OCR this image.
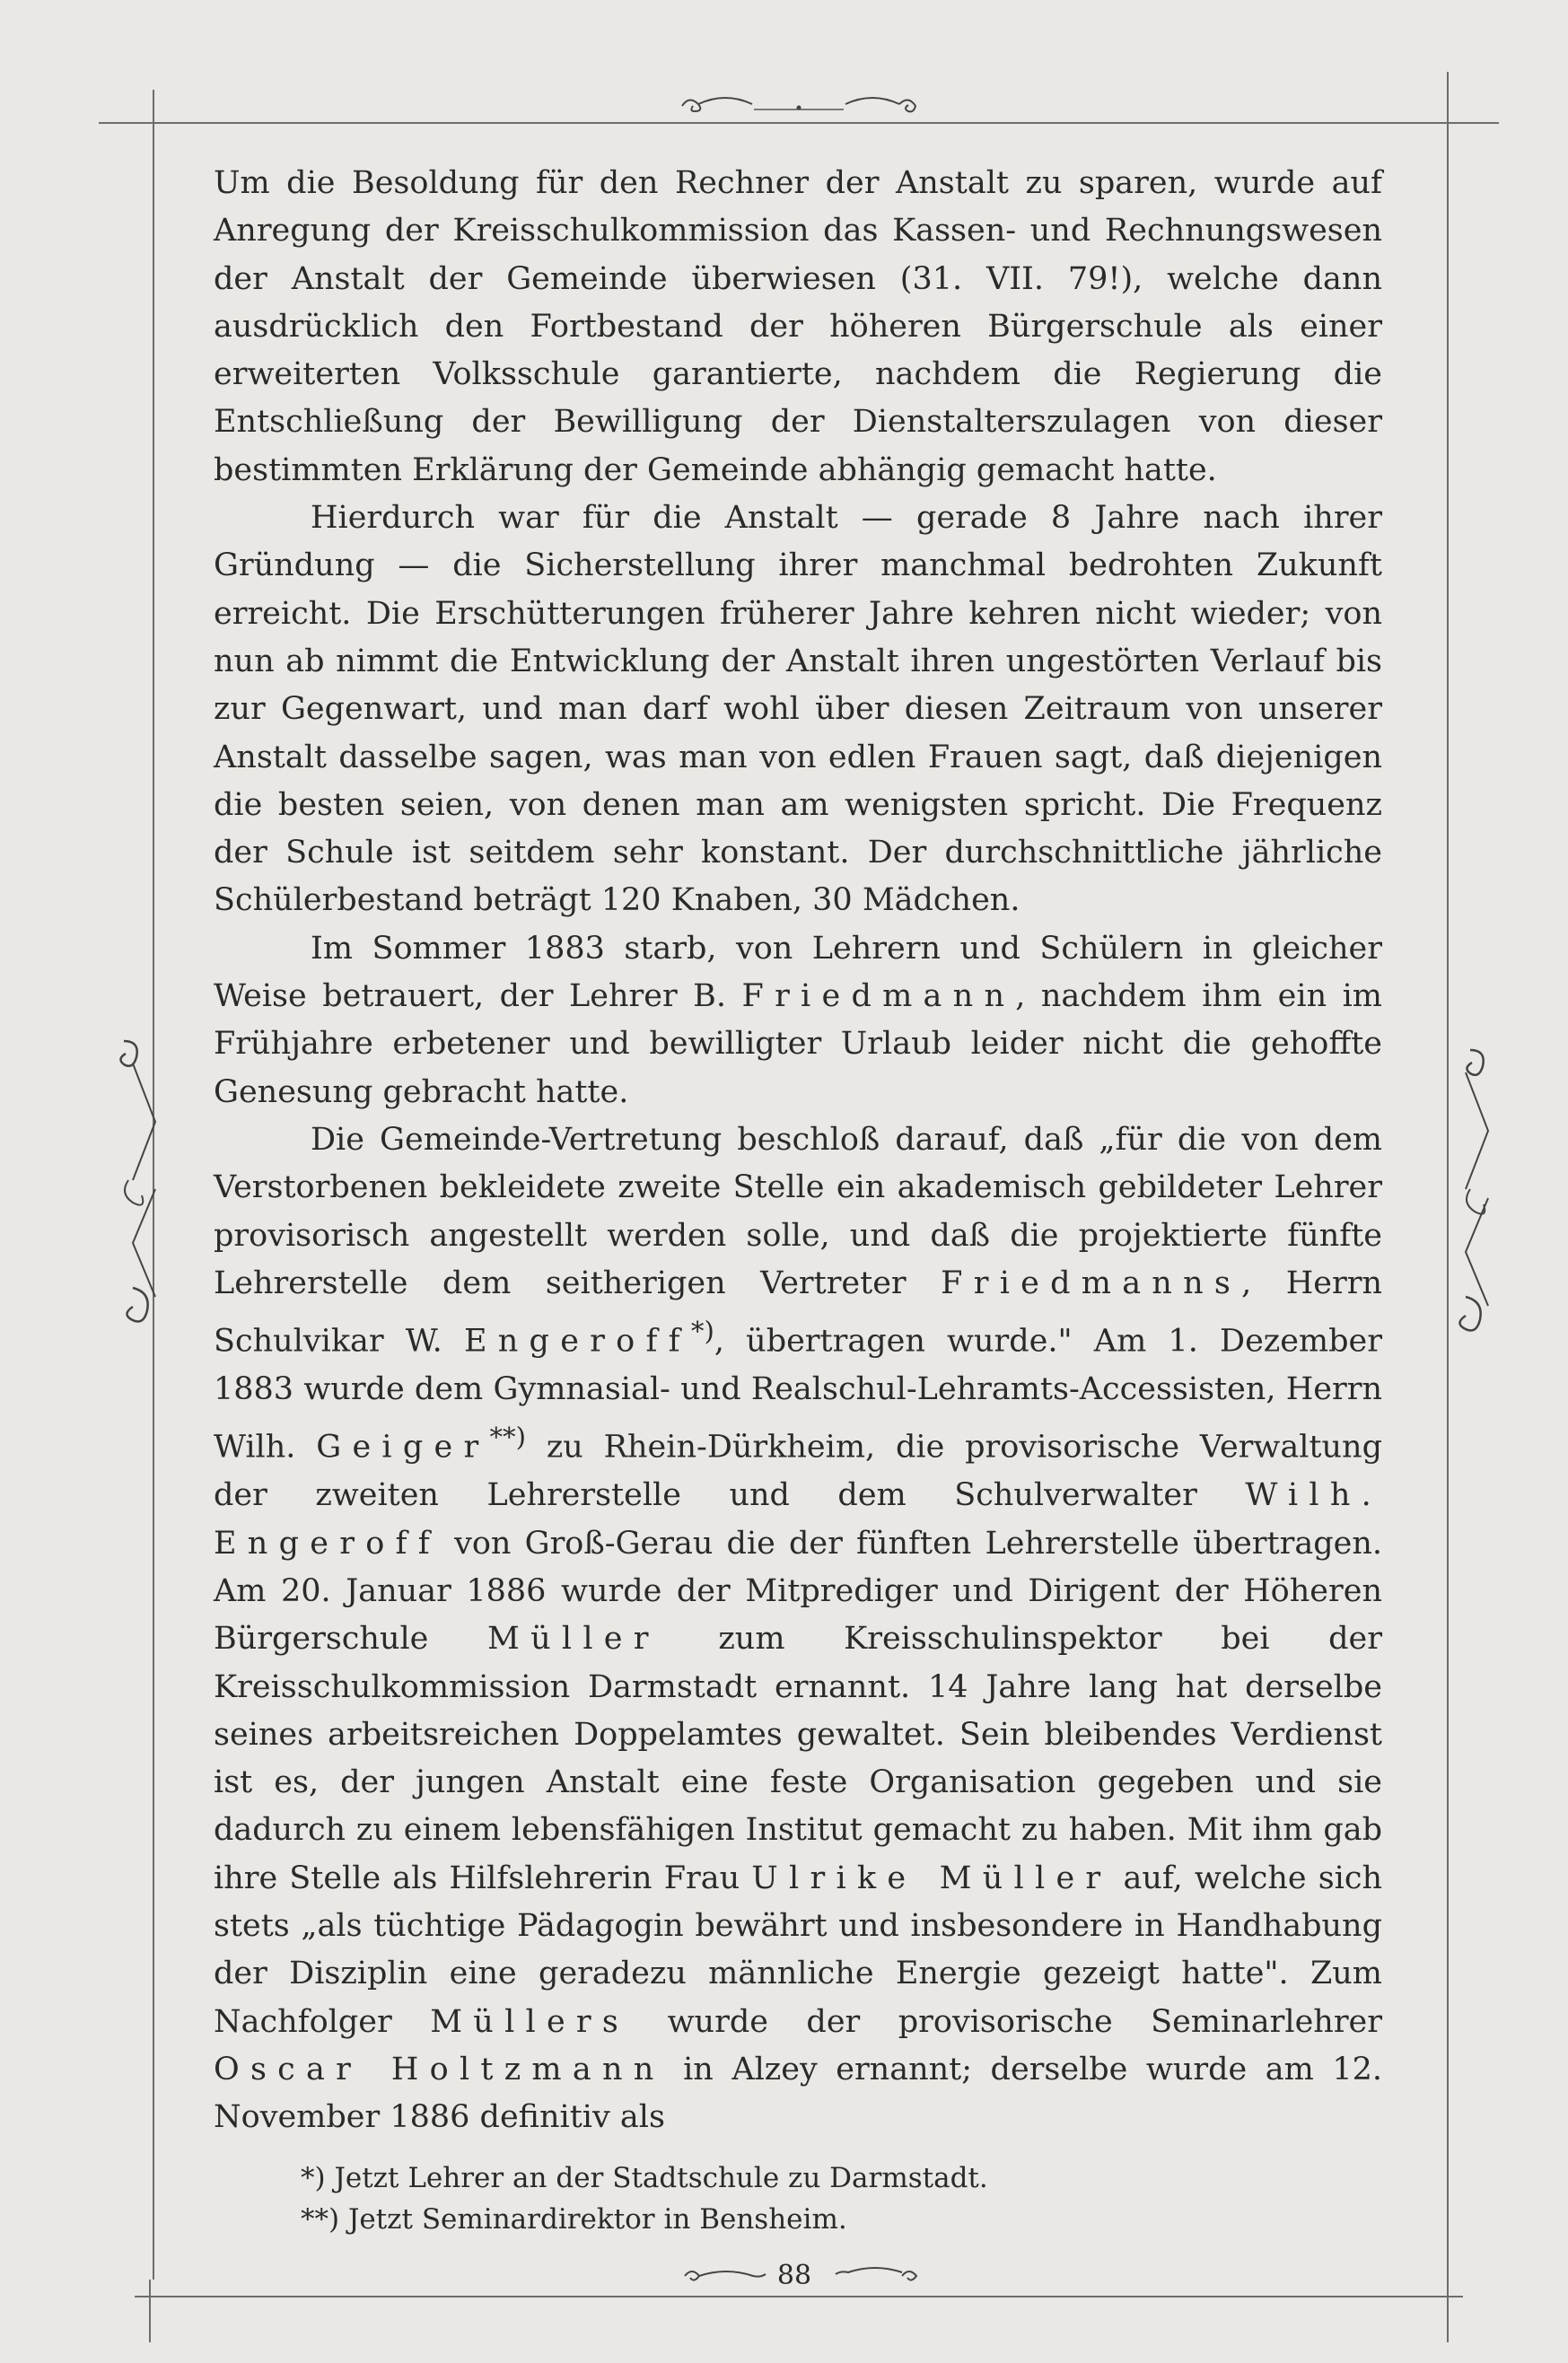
Um die Besoldung für den Rechner der Anstalt zu sparen, wurde auf Anregung der Kreisschulkommission das Kassen- und Rechnungswesen der Anstalt der Gemeinde überwiesen (31. VII. 79!), welche dann ausdrücklich den Fortbestand der höheren Bürgerschule als einer erweiterten Volksschule garantierte, nachdem die Regierung die Entschließung der Bewilligung der Dienstalterszulagen von dieser bestimmten Erklärung der Gemeinde abhängig gemacht hatte.

Hierdurch war für die Anstalt — gerade 8 Jahre nach ihrer Gründung — die Sicherstellung ihrer manchmal bedrohten Zukunft erreicht. Die Erschütterungen früherer Jahre kehren nicht wieder; von nun ab nimmt die Entwicklung der Anstalt ihren ungestörten Verlauf bis zur Gegenwart, und man darf wohl über diesen Zeitraum von unserer Anstalt dasselbe sagen, was man von edlen Frauen sagt, daß diejenigen die besten seien, von denen man am wenigsten spricht. Die Frequenz der Schule ist seitdem sehr konstant. Der durchschnittliche jährliche Schülerbestand beträgt 120 Knaben, 30 Mädchen.

Im Sommer 1883 starb, von Lehrern und Schülern in gleicher Weise betrauert, der Lehrer B. Friedmann, nachdem ihm ein im Frühjahre erbetener und bewilligter Urlaub leider nicht die gehoffte Genesung gebracht hatte.

Die Gemeinde-Vertretung beschloß darauf, daß „für die von dem Verstorbenen bekleidete zweite Stelle ein akademisch gebildeter Lehrer provisorisch angestellt werden solle, und daß die projektierte fünfte Lehrerstelle dem seitherigen Vertreter Friedmanns, Herrn Schulvikar W. Engeroff*), übertragen wurde." Am 1. Dezember 1883 wurde dem Gymnasial- und Realschul-Lehramts-Accessisten, Herrn Wilh. Geiger**) zu Rhein-Dürkheim, die provisorische Verwaltung der zweiten Lehrerstelle und dem Schulverwalter Wilh. Engeroff von Groß-Gerau die der fünften Lehrerstelle übertragen. Am 20. Januar 1886 wurde der Mitprediger und Dirigent der Höheren Bürgerschule Müller zum Kreisschulinspektor bei der Kreisschulkommission Darmstadt ernannt. 14 Jahre lang hat derselbe seines arbeitsreichen Doppelamtes gewaltet. Sein bleibendes Verdienst ist es, der jungen Anstalt eine feste Organisation gegeben und sie dadurch zu einem lebensfähigen Institut gemacht zu haben. Mit ihm gab ihre Stelle als Hilfslehrerin Frau Ulrike Müller auf, welche sich stets „als tüchtige Pädagogin bewährt und insbesondere in Handhabung der Disziplin eine geradezu männliche Energie gezeigt hatte". Zum Nachfolger Müllers wurde der provisorische Seminarlehrer Oscar Holtzmann in Alzey ernannt; derselbe wurde am 12. November 1886 definitiv als

*) Jetzt Lehrer an der Stadtschule zu Darmstadt.
**) Jetzt Seminardirektor in Bensheim.
88
